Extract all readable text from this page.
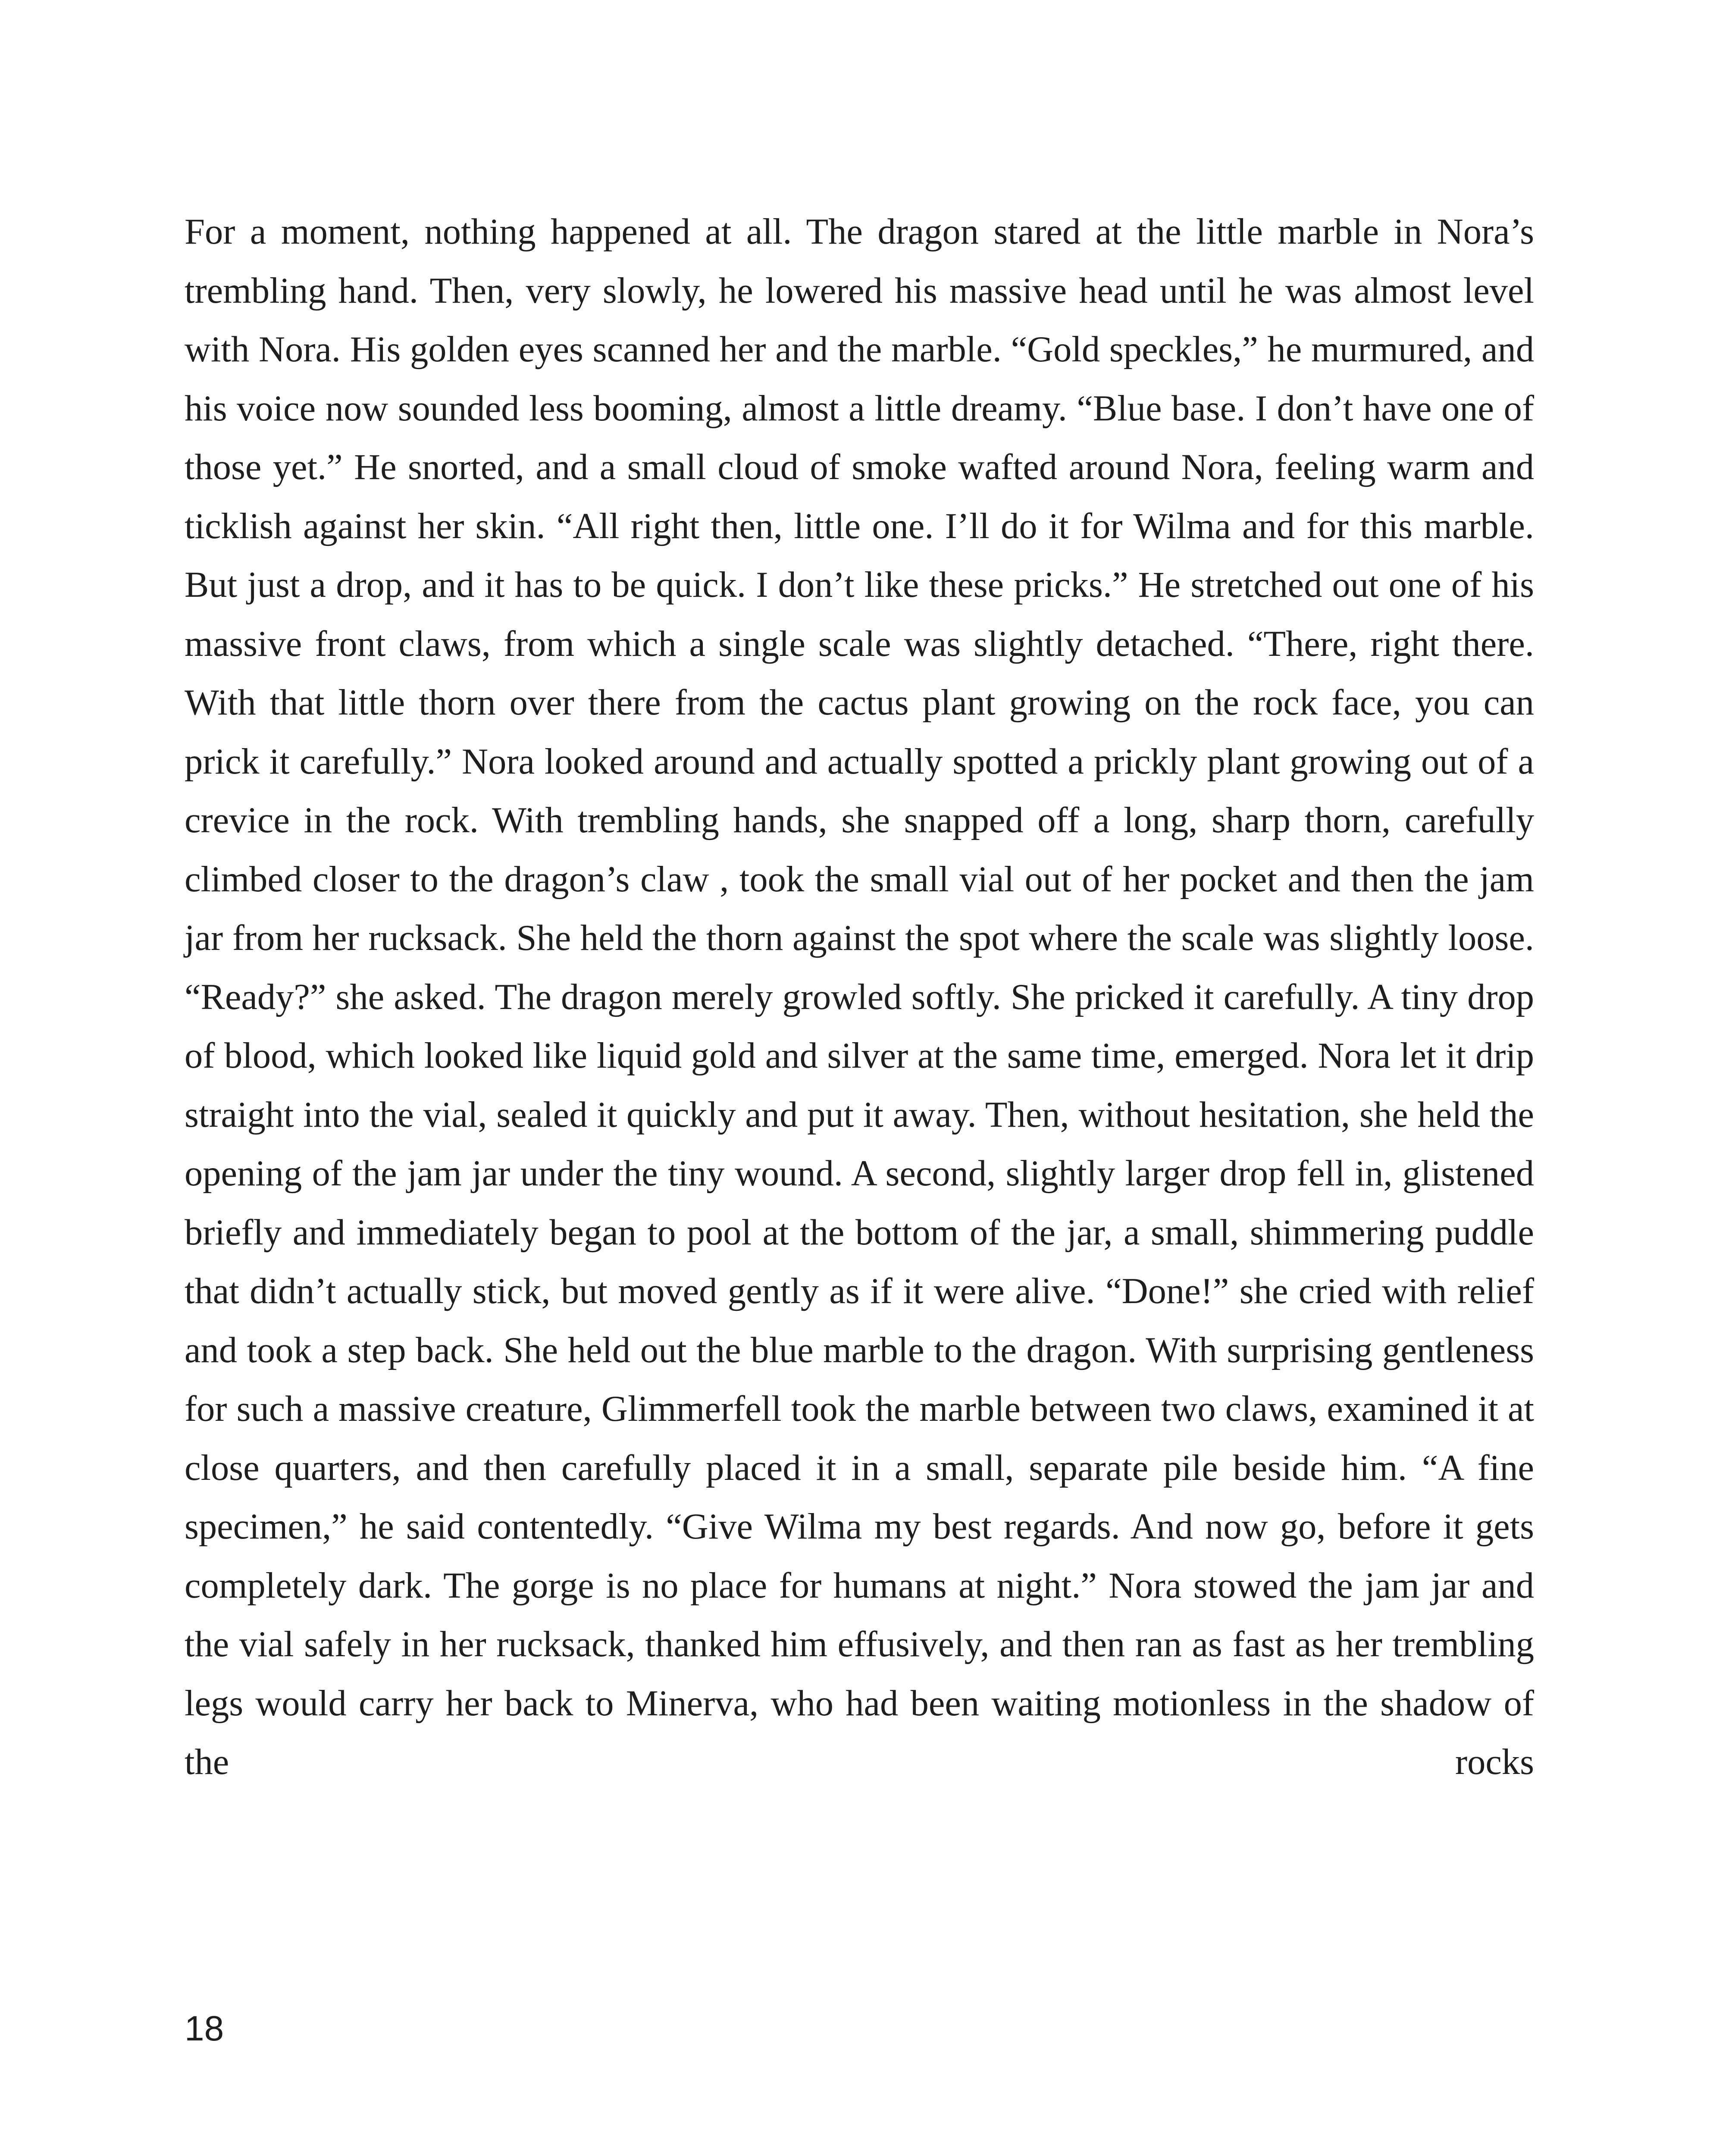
For a moment, nothing happened at all. The dragon stared at the little marble in Nora’s trembling hand. Then, very slowly, he lowered his massive head until he was almost level with Nora. His golden eyes scanned her and the marble. “Gold speckles,” he murmured, and his voice now sounded less booming, almost a little dreamy. “Blue base. I don’t have one of those yet.” He snorted, and a small cloud of smoke wafted around Nora, feeling warm and ticklish against her skin. “All right then, little one. I’ll do it for Wilma and for this marble. But just a drop, and it has to be quick. I don’t like these pricks.” He stretched out one of his massive front claws, from which a single scale was slightly detached. “There, right there. With that little thorn over there from the cactus plant growing on the rock face, you can prick it carefully.” Nora looked around and actually spotted a prickly plant growing out of a crevice in the rock. With trembling hands, she snapped off a long, sharp thorn, carefully climbed closer to the dragon’s claw , took the small vial out of her pocket and then the jam jar from her rucksack. She held the thorn against the spot where the scale was slightly loose. “Ready?” she asked. The dragon merely growled softly. She pricked it carefully. A tiny drop of blood, which looked like liquid gold and silver at the same time, emerged. Nora let it drip straight into the vial, sealed it quickly and put it away. Then, without hesitation, she held the opening of the jam jar under the tiny wound. A second, slightly larger drop fell in, glistened briefly and immediately began to pool at the bottom of the jar, a small, shimmering puddle that didn’t actually stick, but moved gently as if it were alive. “Done!” she cried with relief and took a step back. She held out the blue marble to the dragon. With surprising gentleness for such a massive creature, Glimmerfell took the marble between two claws, examined it at close quarters, and then carefully placed it in a small, separate pile beside him. “A fine specimen,” he said contentedly. “Give Wilma my best regards. And now go, before it gets completely dark. The gorge is no place for humans at night.” Nora stowed the jam jar and the vial safely in her rucksack, thanked him effusively, and then ran as fast as her trembling legs would carry her back to Minerva, who had been waiting motionless in the shadow of the rocks

18
